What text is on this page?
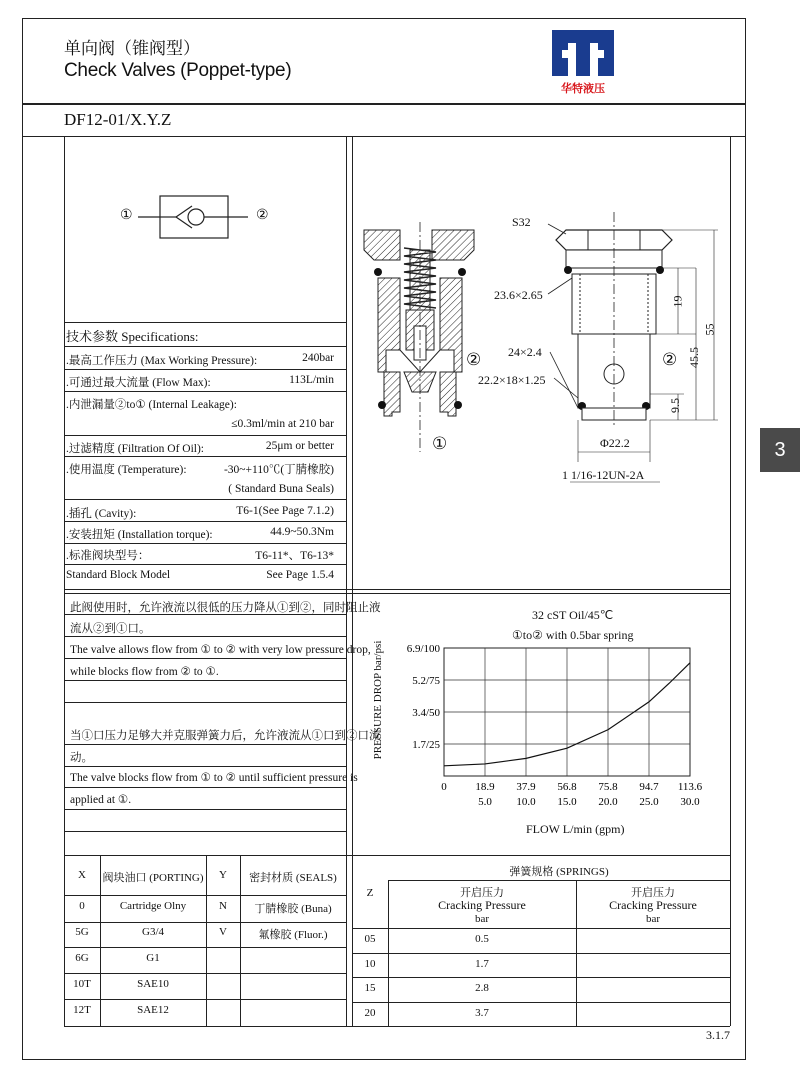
单向阀（锥阀型）
Check Valves (Poppet-type)
华特液压
DF12-01/X.Y.Z
①	②
技术参数 Specifications:
.最高工作压力 (Max Working Pressure):	240bar
.可通过最大流量 (Flow Max):	113L/min
.内泄漏量②to① (Internal Leakage):
≤0.3ml/min at 210 bar
.过滤精度 (Filtration Of Oil):	25μm or better
.使用温度 (Temperature):	-30~+110℃(丁腈橡胶)
( Standard Buna Seals)
.插孔 (Cavity):	T6-1(See Page 7.1.2)
.安装扭矩 (Installation torque):	44.9~50.3Nm
.标准阀块型号：	T6-11*、T6-13*
Standard Block Model	See Page 1.5.4
此阀使用时，允许液流以很低的压力降从①到②，同时阻止液
流从②到①口。
The valve allows flow from ① to ② with very low pressure drop,
while blocks flow from ② to ①.
当①口压力足够大并克服弹簧力后，允许液流从①口到②口流
动。
The valve blocks flow from ① to ② until sufficient pressure is
applied at ①.
①
②
S32
23.6×2.65
24×2.4
22.2×18×1.25
②
Φ22.2
1 1/16-12UN-2A
19
45.5
55
9.5
32 cST Oil/45℃
①to② with 0.5bar spring
PRESSURE DROP bar/psi
FLOW L/min (gpm)
0	18.9 37.9 56.8 75.8 94.7 113.6
5.0 10.0 15.0 20.0 25.0 30.0
1.7/25
3.4/50
5.2/75
6.9/100
X	阀块油口 (PORTING)	Y	密封材质 (SEALS)
0	Cartridge Olny	N	丁腈橡胶 (Buna)
5G	G3/4	V	氟橡胶 (Fluor.)
6G	G1
10T	SAE10
12T	SAE12
Z
弹簧规格 (SPRINGS)
开启压力
Cracking Pressure
bar
开启压力
Cracking Pressure
bar
05	0.5
10	1.7
15	2.8
20	3.7
3
3.1.7
